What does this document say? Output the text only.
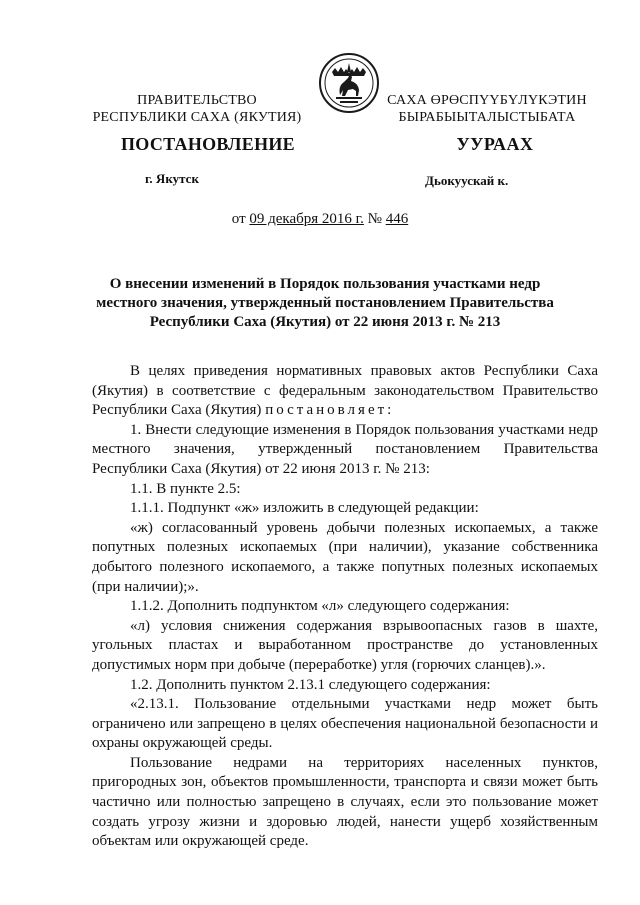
ПРАВИТЕЛЬСТВО
РЕСПУБЛИКИ САХА (ЯКУТИЯ)
САХА ӨРӨСПҮҮБҮЛҮКЭТИН
БЫРАБЫЫТАЛЫСТЫБАТА
ПОСТАНОВЛЕНИЕ	УУРААХ
г. Якутск	Дьокуускай к.
от 09 декабря 2016 г. № 446
О внесении изменений в Порядок пользования участками недр
местного значения, утвержденный постановлением Правительства
Республики Саха (Якутия) от 22 июня 2013 г. № 213

В целях приведения нормативных правовых актов Республики Саха (Якутия) в соответствие с федеральным законодательством Правительство Республики Саха (Якутия) постановляет:

1. Внести следующие изменения в Порядок пользования участками недр местного значения, утвержденный постановлением Правительства Республики Саха (Якутия) от 22 июня 2013 г. № 213:

1.1. В пункте 2.5:

1.1.1. Подпункт «ж» изложить в следующей редакции:

«ж) согласованный уровень добычи полезных ископаемых, а также попутных полезных ископаемых (при наличии), указание собственника добытого полезного ископаемого, а также попутных полезных ископаемых (при наличии);».

1.1.2. Дополнить подпунктом «л» следующего содержания:

«л) условия снижения содержания взрывоопасных газов в шахте, угольных пластах и выработанном пространстве до установленных допустимых норм при добыче (переработке) угля (горючих сланцев).».

1.2. Дополнить пунктом 2.13.1 следующего содержания:

«2.13.1. Пользование отдельными участками недр может быть ограничено или запрещено в целях обеспечения национальной безопасности и охраны окружающей среды.

Пользование недрами на территориях населенных пунктов, пригородных зон, объектов промышленности, транспорта и связи может быть частично или полностью запрещено в случаях, если это пользование может создать угрозу жизни и здоровью людей, нанести ущерб хозяйственным объектам или окружающей среде.
